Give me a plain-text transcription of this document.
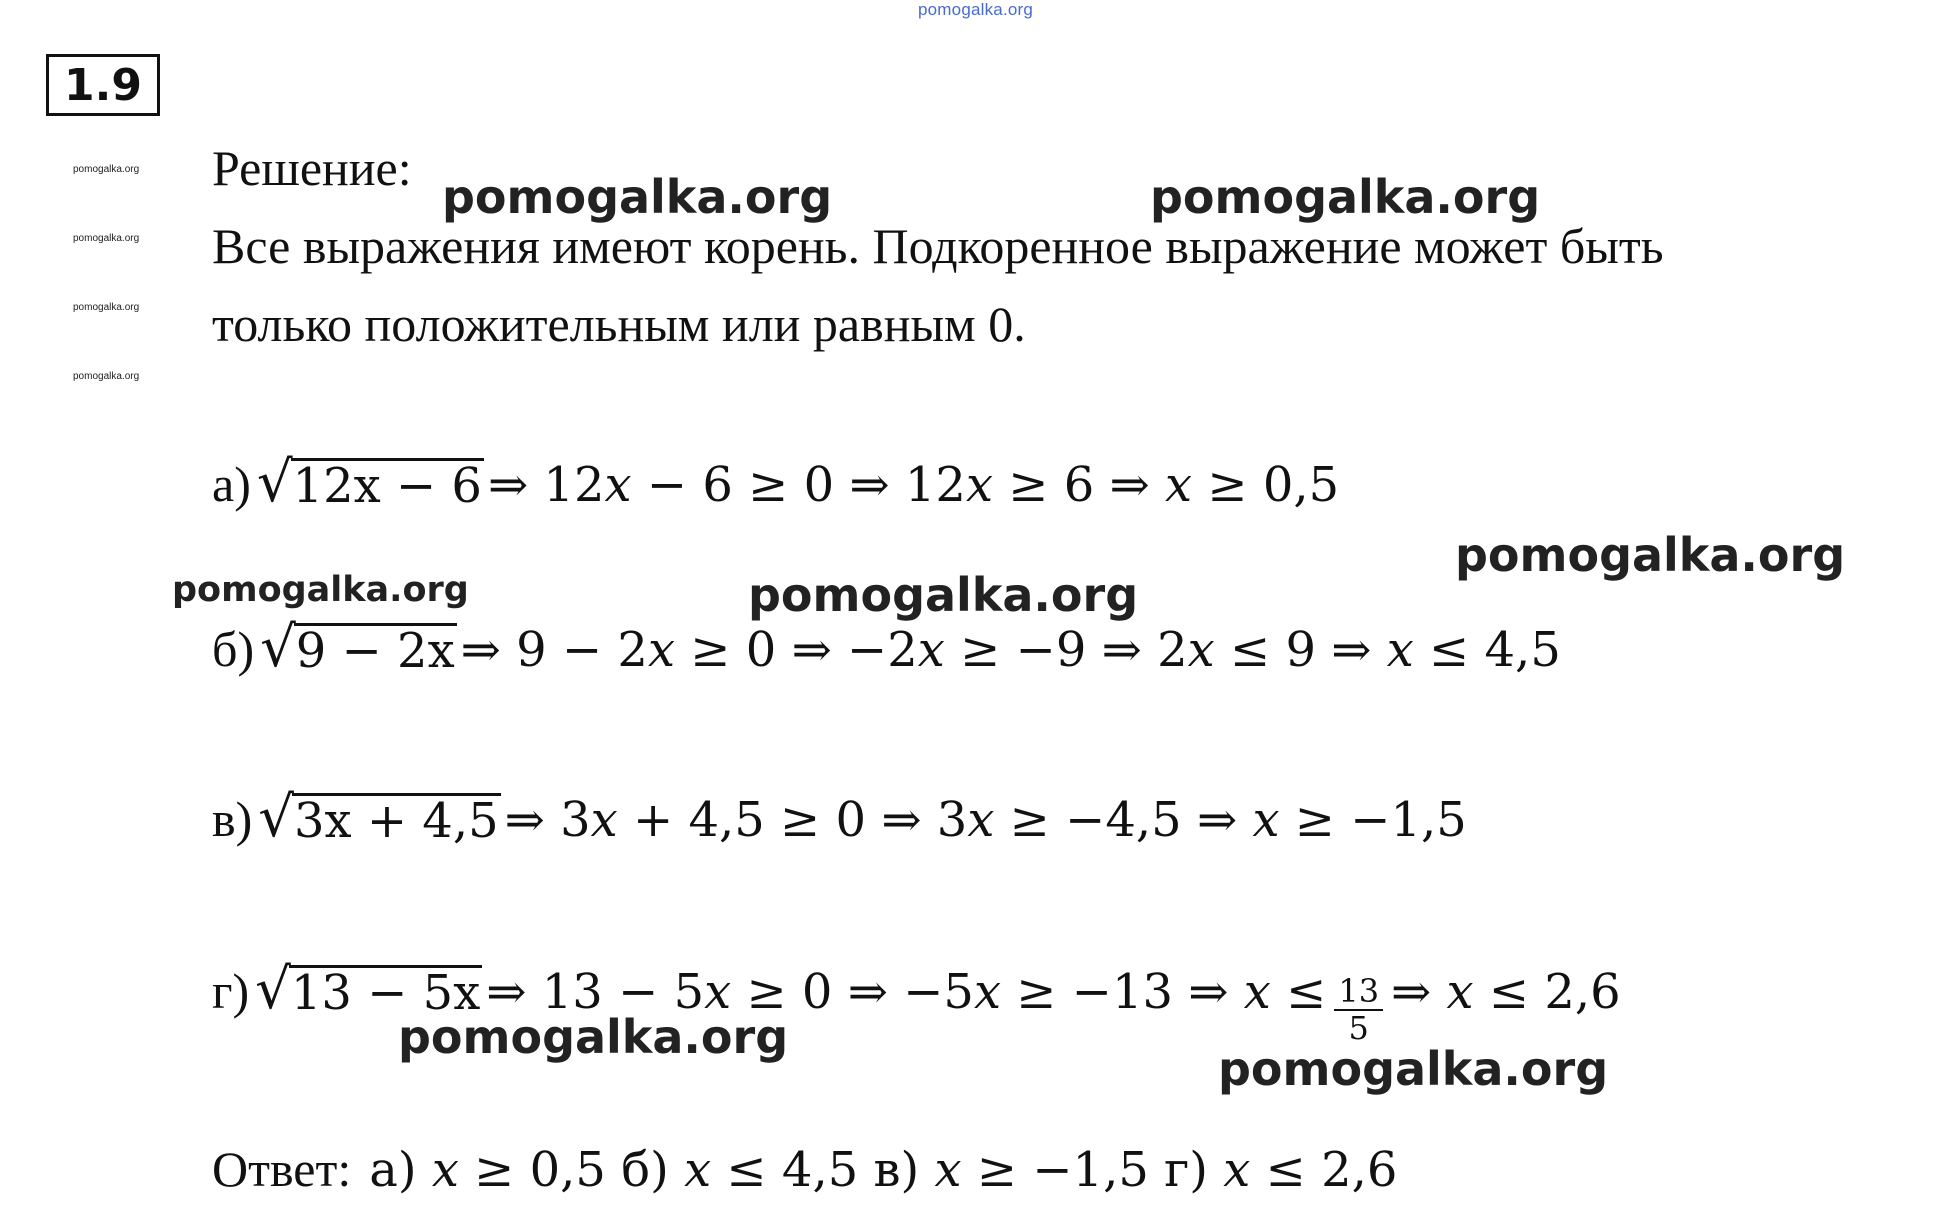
pomogalka.org
1.9
pomogalka.org
pomogalka.org
pomogalka.org
pomogalka.org
Решение:
Все выражения имеют корень. Подкоренное выражение может быть
только положительным или равным 0.
а) √ 12x − 6 ⇒ 12𝑥 − 6 ≥ 0 ⇒ 12𝑥 ≥ 6 ⇒ 𝑥 ≥ 0,5
б) √ 9 − 2x ⇒ 9 − 2𝑥 ≥ 0 ⇒ −2𝑥 ≥ −9 ⇒ 2𝑥 ≤ 9 ⇒ 𝑥 ≤ 4,5
в) √ 3x + 4,5 ⇒ 3𝑥 + 4,5 ≥ 0 ⇒ 3𝑥 ≥ −4,5 ⇒ 𝑥 ≥ −1,5
г) √ 13 − 5x ⇒ 13 − 5𝑥 ≥ 0 ⇒ −5𝑥 ≥ −13 ⇒ 𝑥 ≤ $\frac{13}{5}$ ⇒ 𝑥 ≤ 2,6
Ответ: а) 𝑥 ≥ 0,5 б) 𝑥 ≤ 4,5 в) 𝑥 ≥ −1,5 г) 𝑥 ≤ 2,6
pomogalka.org	pomogalka.org
pomogalka.org
pomogalka.org	pomogalka.org
pomogalka.org
pomogalka.org
